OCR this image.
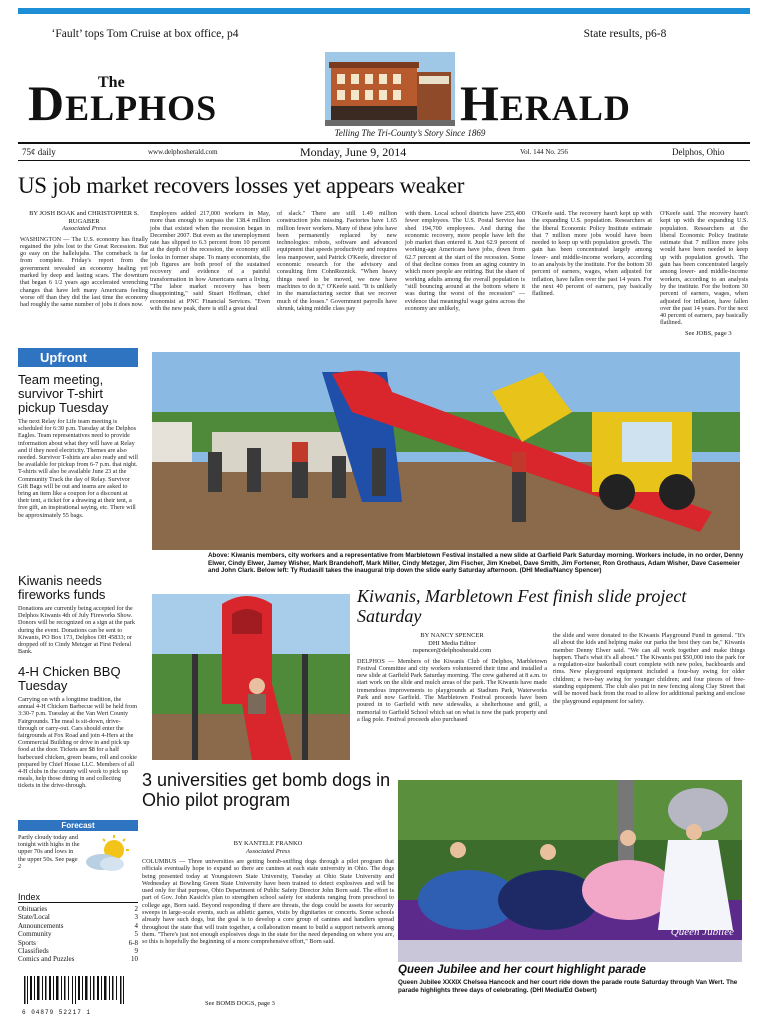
‘Fault’ tops Tom Cruise at box office, p4	State results, p6-8
The
DELPHOS	HERALD
Telling The Tri-County’s Story Since 1869
75¢ daily	www.delphosherald.com	Monday, June 9, 2014	Vol. 144 No. 256	Delphos, Ohio
US job market recovers losses yet appears weaker
BY JOSH BOAK and CHRISTOPHER S. RUGABER
Associated Press
WASHINGTON — The U.S. economy has finally regained the jobs lost to the Great Recession. But go easy on the hallelujahs. The comeback is far from complete. Friday's report from the government revealed an economy healing yet marked by deep and lasting scars. The downturn that began 6 1/2 years ago accelerated wrenching changes that have left many Americans feeling worse off than they did the last time the economy had roughly the same number of jobs it does now.
Employers added 217,000 workers in May, more than enough to surpass the 138.4 million jobs that existed when the recession began in December 2007. But even as the unemployment rate has slipped to 6.3 percent from 10 percent at the depth of the recession, the economy still looks in former shape. To many economists, the job figures are both proof of the sustained recovery and evidence of a painful transformation in how Americans earn a living. "The labor market recovery has been disappointing," said Stuart Hoffman, chief economist at PNC Financial Services. "Even with the new peak, there is still a great deal
of slack." There are still 1.49 million construction jobs missing. Factories have 1.65 million fewer workers. Many of these jobs have been permanently replaced by new technologies: robots, software and advanced equipment that speeds productivity and requires less manpower, said Patrick O'Keefe, director of economic research for the advisory and consulting firm CohnReznick. "When heavy things need to be moved, we now have machines to do it," O'Keefe said. "It is unlikely in the manufacturing sector that we recover much of the losses." Government payrolls have shrunk, taking middle class pay
with them. Local school districts have 255,400 fewer employees. The U.S. Postal Service has shed 194,700 employees. And during the economic recovery, more people have left the job market than entered it. Just 62.9 percent of working-age Americans have jobs, down from 62.7 percent at the start of the recession. Some of that decline comes from an aging country in which more people are retiring. But the share of working adults among the overall population is "still bouncing around at the bottom where it was during the worst of the recession" — evidence that meaningful wage gains across the economy are unlikely,
O'Keefe said. The recovery hasn't kept up with the expanding U.S. population. Researchers at the liberal Economic Policy Institute estimate that 7 million more jobs would have been needed to keep up with population growth. The gain has been concentrated largely among lower- and middle-income workers, according to an analysis by the institute. For the bottom 30 percent of earners, wages, when adjusted for inflation, have fallen over the past 14 years. For the next 40 percent of earners, pay basically flatlined.
O'Keefe said. The recovery hasn't kept up with the expanding U.S. population. Researchers at the liberal Economic Policy Institute estimate that 7 million more jobs would have been needed to keep up with population growth. The gain has been concentrated largely among lower- and middle-income workers, according to an analysis by the institute. For the bottom 30 percent of earners, wages, when adjusted for inflation, have fallen over the past 14 years. For the next 40 percent of earners, pay basically flatlined.
See JOBS, page 3
Upfront
Team meeting, survivor T-shirt pickup Tuesday
The next Relay for Life team meeting is scheduled for 6:30 p.m. Tuesday at the Delphos Eagles. Team representatives need to provide information about what they will have at Relay and if they need electricity. Themes are also needed. Survivor T-shirts are also ready and will be available for pickup from 6-7 p.m. that night. T-shirts will also be available June 23 at the Community Track the day of Relay. Survivor Gift Bags will be out and teams are asked to bring an item like a coupon for a discount at their tent, a ticket for a drawing at their tent, a free gift, an inspirational saying, etc. There will be approximately 55 bags.
Kiwanis needs fireworks funds
Donations are currently being accepted for the Delphos Kiwanis 4th of July Fireworks Show. Donors will be recognized on a sign at the park during the event. Donations can be sent to Kiwanis, PO Box 173, Delphos OH 45833; or dropped off to Cindy Metzger at First Federal Bank.
4-H Chicken BBQ Tuesday
Carrying on with a longtime tradition, the annual 4-H Chicken Barbecue will be held from 3:30-7 p.m. Tuesday at the Van Wert County Fairgrounds. The meal is sit-down, drive-through or carry-out. Cars should enter the fairgrounds at Fox Road and join 4-Hers at the Commercial Building or drive in and pick up food at the door. Tickets are $8 for a half barbecued chicken, green beans, roll and cookie prepared by Chief House LLC. Members of all 4-H clubs in the county will work to pick up meals, help those dining in and collecting tickets in the drive-through.
Forecast
Partly cloudy today and tonight with highs in the upper 70s and lows in the upper 50s. See page 2
Index
Obituaries	2
State/Local	3
Announcements	4
Community	5
Sports	6-8
Classifieds	9
Comics and Puzzles	10
6 04879 52217 1
Above: Kiwanis members, city workers and a representative from Marbletown Festival installed a new slide at Garfield Park Saturday morning. Workers include, in no order, Denny Elwer, Cindy Elwer, Jamey Wisher, Mark Brandehoff, Mark Miller, Cindy Metzger, Jim Fischer, Jim Knebel, Dave Smith, Jim Fortener, Ron Grothaus, Adam Wisher, Dave Casemeier and John Clark. Below left: Ty Rudasill takes the inaugural trip down the slide early Saturday afternoon. (DHI Media/Nancy Spencer)
Kiwanis, Marbletown Fest finish slide project Saturday
BY NANCY SPENCER
DHI Media Editor
nspencer@delphosherald.com
DELPHOS — Members of the Kiwanis Club of Delphos, Marbletown Festival Committee and city workers volunteered their time and installed a new slide at Garfield Park Saturday morning. The crew gathered at 8 a.m. to start work on the slide and mulch areas of the park. The Kiwanis have made tremendous improvements to playgrounds at Stadium Park, Waterworks Park and now Garfield. The Marbletown Festival proceeds have been poured in to Garfield with new sidewalks, a shelterhouse and grill, a memorial to Garfield School which sat on what is now the park property and a flag pole. Festival proceeds also purchased
the slide and were donated to the Kiwanis Playground Fund in general. "It's all about the kids and helping make our parks the best they can be," Kiwanis member Denny Elwer said. "We can all work together and make things happen. That's what it's all about." The Kiwanis put $50,000 into the park for a regulation-size basketball court complete with new poles, backboards and rims. New playground equipment included a four-bay swing for older children; a two-bay swing for younger children; and four pieces of free-standing equipment. The club also put in new fencing along Clay Street that will be moved back from the road to allow for additional parking and enclose the playground equipment for safety.
3 universities get bomb dogs in Ohio pilot program
BY KANTELE FRANKO
Associated Press
COLUMBUS — Three universities are getting bomb-sniffing dogs through a pilot program that officials eventually hope to expand so there are canines at each state university in Ohio. The dogs being presented today at Youngstown State University, Tuesday at Ohio State University and Wednesday at Bowling Green State University have been trained to detect explosives and will be used only for that purpose, Ohio Department of Public Safety Director John Born said. The effort is part of Gov. John Kasich's plan to strengthen school safety for students ranging from preschool to college age, Born said. Beyond responding if there are threats, the dogs could be assets for security sweeps in large-scale events, such as athletic games, visits by dignitaries or concerts. Some schools already have such dogs, but the goal is to develop a core group of canines and handlers spread throughout the state that will train together, a collaboration meant to build a support network among them. "There's just not enough explosives dogs in the state for the need depending on where you are, so this is hopefully the beginning of a more comprehensive effort," Born said.
See BOMB DOGS, page 3
Queen Jubilee
Queen Jubilee and her court highlight parade
Queen Jubilee XXXIX Chelsea Hancock and her court ride down the parade route Saturday through Van Wert. The parade highlights three days of celebrating. (DHI Media/Ed Gebert)
